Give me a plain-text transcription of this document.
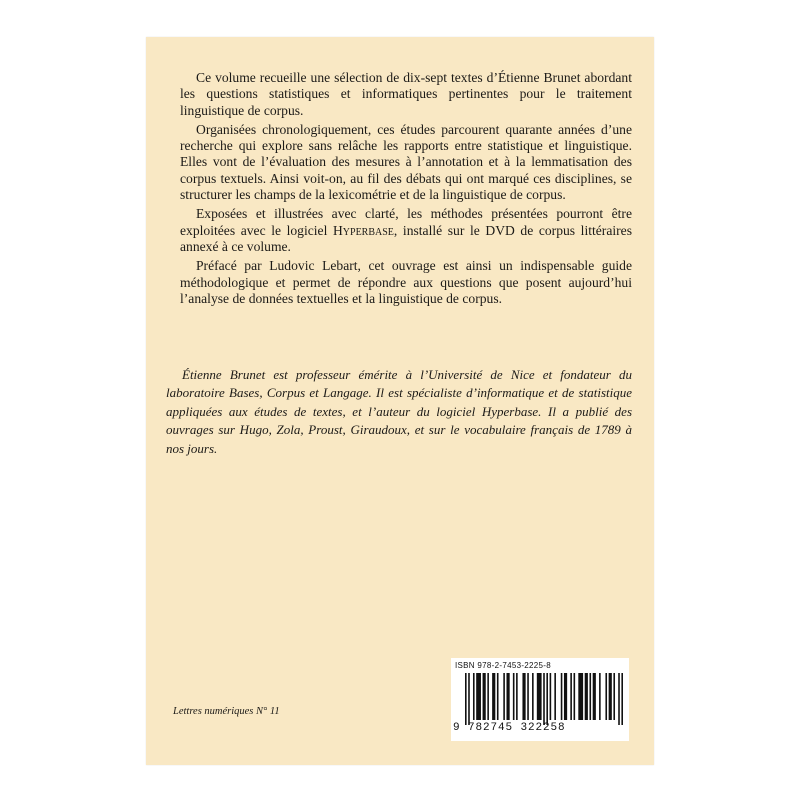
Ce volume recueille une sélection de dix-sept textes d’Étienne Brunet abordant les questions statistiques et informatiques pertinentes pour le traitement linguistique de corpus.

Organisées chronologiquement, ces études parcourent quarante années d’une recherche qui explore sans relâche les rapports entre statistique et linguistique. Elles vont de l’évaluation des mesures à l’annotation et à la lemmatisation des corpus textuels. Ainsi voit-on, au fil des débats qui ont marqué ces disciplines, se structurer les champs de la lexicométrie et de la linguistique de corpus.

Exposées et illustrées avec clarté, les méthodes présentées pourront être exploitées avec le logiciel Hyperbase, installé sur le DVD de corpus littéraires annexé à ce volume.

Préfacé par Ludovic Lebart, cet ouvrage est ainsi un indispensable guide méthodologique et permet de répondre aux questions que posent aujourd’hui l’analyse de données textuelles et la linguistique de corpus.

Étienne Brunet est professeur émérite à l’Université de Nice et fondateur du laboratoire Bases, Corpus et Langage. Il est spécialiste d’informatique et de statistique appliquées aux études de textes, et l’auteur du logiciel Hyperbase. Il a publié des ouvrages sur Hugo, Zola, Proust, Giraudoux, et sur le vocabulaire français de 1789 à nos jours.

Lettres numériques N° 11
ISBN 978-2-7453-2225-8
9 782745 322258
